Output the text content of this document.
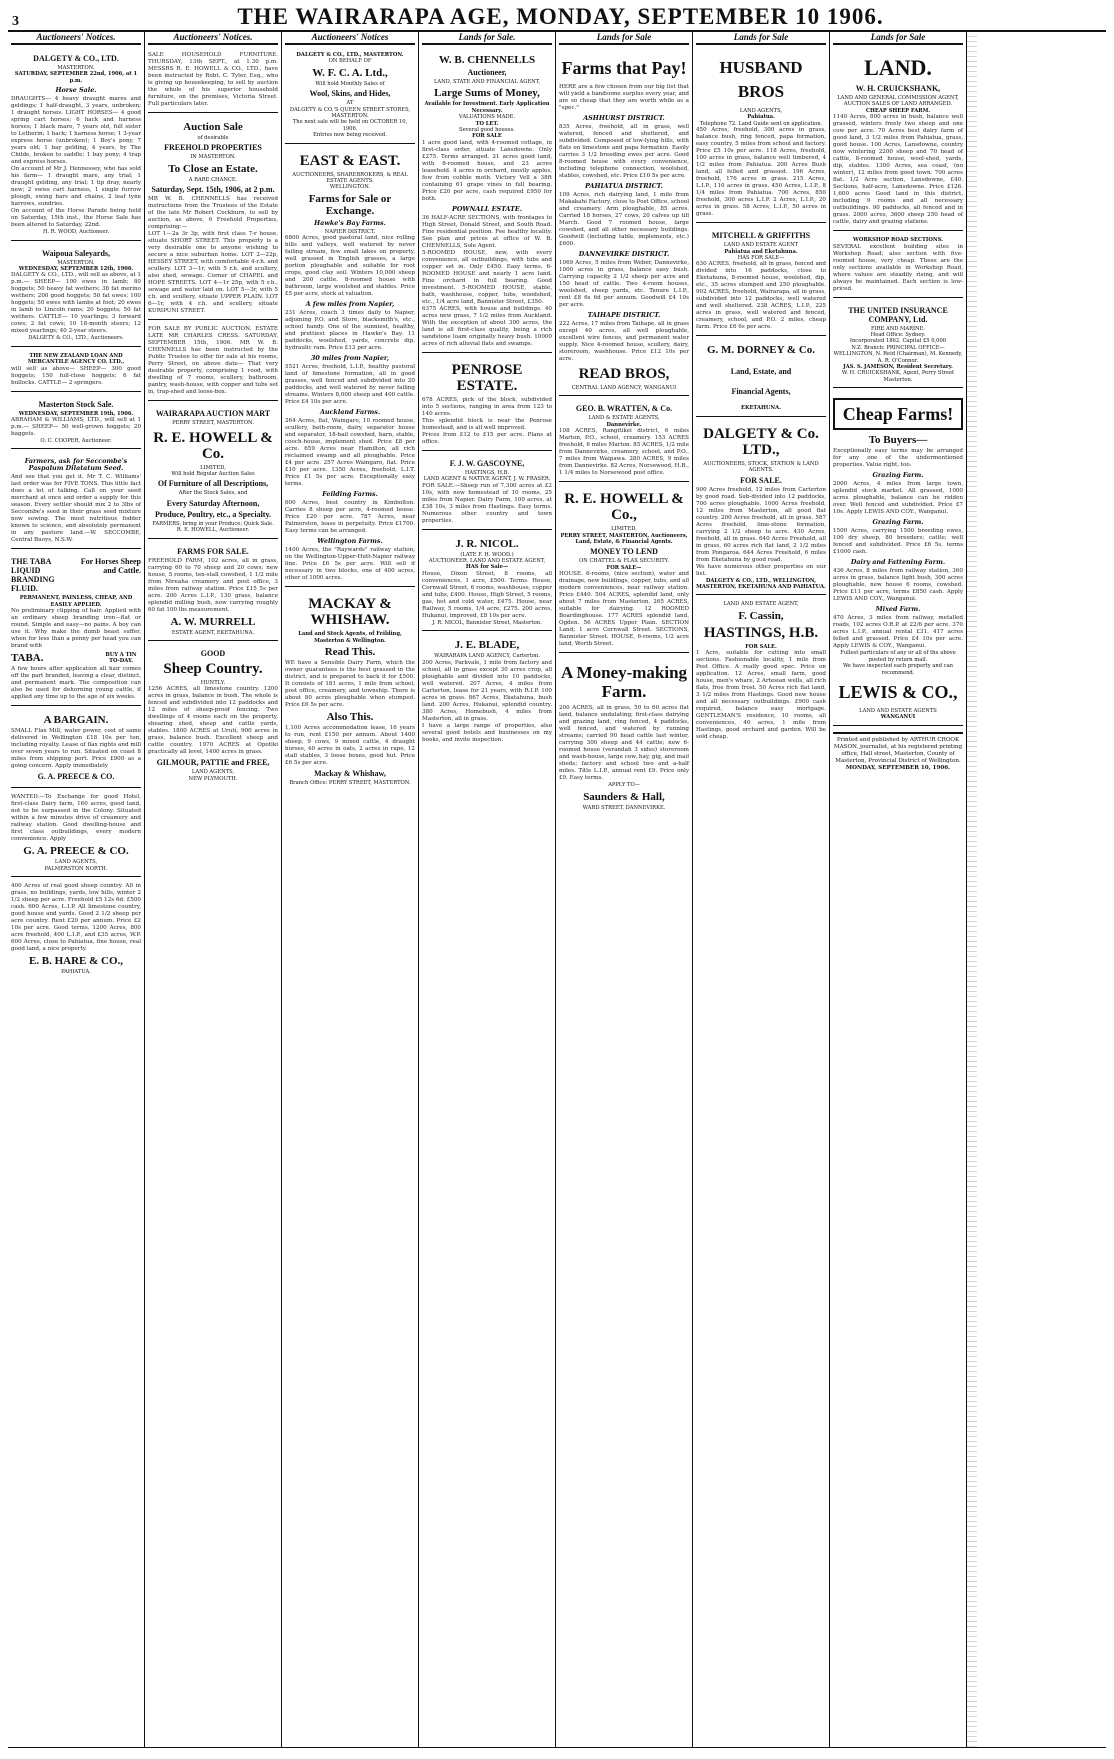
3	THE WAIRARAPA AGE, MONDAY, SEPTEMBER 10 1906.
Auctioneers' Notices.
DALGETY & CO., LTD.
MASTERTON.
SATURDAY, SEPTEMBER 22nd, 1906, at 1 p.m.
Horse Sale.
DRAUGHTS— 4 heavy draught mares and geldings; 1 half-draught, 3 years, unbroken; 1 draught horses. LIGHT HORSES— 4 good spring cart horses; 6 hack and harness horses; 1 black mare, 7 years old, full sister to Letherin; 1 hack; 1 harness horse; 1 3-year express horse (unbroken); 1 Boy's pony, 7 years old; 1 bay gelding, 4 years, by The Childe, broken to saddle; 1 bay pony; 4 trap and express horses.
On account of Mr J. Hennessey, who has sold his farm— 1 draught mare, any trial; 1 draught gelding, any trial; 1 tip dray, nearly new; 2 swiss cart harness, 1 single furrow plough, swing bars and chains, 2 leaf tyne harrows, sundries.
On account of the Horse Parade being held on Saturday, 15th inst., the Horse Sale has been altered to Saturday, 22nd.
H. R. WOOD, Auctioneer.
Waipoua Saleyards,
MASTERTON.
WEDNESDAY, SEPTEMBER 12th, 1906.
DALGETY & CO., LTD., will sell as above, at 1 p.m.— SHEEP— 100 ewes in lamb; 80 hoggets; 50 heavy fat wethers; 38 fat merino wethers; 200 good hoggets; 50 fat ewes; 100 hoggets; 50 ewes with lambs at foot; 20 ewes in lamb to Lincoln rams; 20 hoggets; 50 fat wethers. CATTLE— 10 yearlings; 3 forward cows; 2 fat cows; 10 18-month steers; 12 mixed yearlings; 40 2-year steers.
DALGETY & CO., LTD., Auctioneers.
THE NEW ZEALAND LOAN AND MERCANTILE AGENCY CO. LTD.,
will sell as above— SHEEP— 300 good hoggets; 150 full-close hoggets; 6 fat bullocks. CATTLE— 2 springers.
Masterton Stock Sale.
WEDNESDAY, SEPTEMBER 19th, 1906.
ABRAHAM & WILLIAMS, LTD., will sell at 1 p.m.— SHEEP— 50 well-grown hoggets; 20 baggets.
O. C. COOPER, Auctioneer.
Farmers, ask for Seccombe's Paspalum Dilatatum Seed.
And see that you get it. Mr T. C. Williams' last order was for FIVE TONS. This little fact does a lot of talking. Call on your seed merchant at once and order a supply for this season. Every settler should mix 2 to 3lbs of Seccombe's seed in their grass seed mixture now sowing. The most nutritious fodder known to science, and absolutely permanent in any pasture land.—W. SECCOMBE, Central Buoys, N.S.W.
THE TABA LIQUID BRANDING FLUID.
For Horses Sheep and Cattle.
PERMANENT, PAINLESS, CHEAP, AND EASILY APPLIED.
No preliminary clipping of hair. Applied with an ordinary sheep branding iron—flat or round. Simple and easy—no pains. A boy can use it. Why make the dumb beast suffer, when for less than a penny per head you can brand with
TABA.	BUY A TIN TO-DAY.
A few hours after application all hair comes off the part branded, leaving a clear, distinct, and permanent mark. The composition can also be used for dehorning young cattle, if applied any time up to the age of six weeks.
A BARGAIN.
SMALL Flax Mill, water power, cost of same delivered in Wellington £18 10s per ton, including royalty. Lease of flax rights and mill over seven years to run. Situated on coast 8 miles from shipping port. Price £900 as a going concern. Apply immediately
G. A. PREECE & CO.
WANTED.—To Exchange for good Hotel, first-class Dairy farm, 160 acres, good land, not to be surpassed in the Colony. Situated within a few minutes drive of creamery and railway station. Good dwelling-house and first class outbuildings, every modern convenience. Apply
G. A. PREECE & CO.
LAND AGENTS,
PALMERSTON NORTH.
400 Acres of real good sheep country. All in grass, no buildings, yards, low hills, winter 2 1/2 sheep per acre. Freehold £5 12s 6d. £500 cash. 600 Acres, L.I.P. All limestone country, good house and yards. Good 2 1/2 sheep per acre country. Rent £20 per annum. Price £2 10s per acre. Good terms. 1200 Acres, 800 acre freehold, 400 L.I.P., and £35 acres, W.P. 600 Acres, close to Pahiatua, fine house, real good land, a nice property.
E. B. HARE & CO.,
PAHIATUA.
Auctioneers' Notices.
SALE HOUSEHOLD FURNITURE. THURSDAY, 13th SEPT., at 1.30 p.m. MESSRS R. E. HOWELL & CO., LTD., have been instructed by Robt. C. Tyler, Esq., who is giving up housekeeping, to sell by auction the whole of his superior household furniture, on the premises, Victoria Street. Full particulars later.
Auction Sale
of desirable
FREEHOLD PROPERTIES
IN MASTERTON.
To Close an Estate.
A RARE CHANCE.
Saturday, Sept. 15th, 1906, at 2 p.m.
MR W. B. CHENNELLS has received instructions from the Trustees of the Estate of the late Mr Robert Cockburn, to sell by auction, as above, 6 Freehold Properties, comprising:—
LOT 1—2a 3r 3p, with first class 7-r house, situate SHORT STREET. This property is a very desirable one to anyone wishing to secure a nice suburban home. LOT 2—22p, HESSEY STREET, with comfortable 4-r.h. and scullery. LOT 3—1r, with 5 r.h. and scullery, also shed, sewage. Corner of CHAPEL and HOPE STREETS. LOT 4—1r 25p, with 5 r.h., sewage and water laid on. LOT 5—3r, with 5 r.h. and scullery, situate UPPER PLAIN. LOT 6—1r, with 4 r.h. and scullery, situate KURIPUNI STREET.
FOR SALE BY PUBLIC AUCTION. ESTATE LATE MR CHARLES CRESS. SATURDAY, SEPTEMBER 15th, 1906. MR W. B. CHENNELLS has been instructed by the Public Trustee to offer for sale at his rooms, Perry Street, on above date— That very desirable property, comprising 1 rood, with dwelling of 7 rooms, scullery, bathroom, pantry, wash-house, with copper and tubs set in, trap-shed and loose-box.
WAIRARAPA AUCTION MART
PERRY STREET, MASTERTON.
R. E. HOWELL & Co.
LIMITED,
Will hold Regular Auction Sales
Of Furniture of all Descriptions,
After the Stock Sales, and
Every Saturday Afternoon,
Produce, Poultry, etc., a Specialty.
FARMERS, bring in your Produce; Quick Sale.
R. E. HOWELL, Auctioneer.
FARMS FOR SALE.
FREEHOLD FARM, 102 acres, all in grass, carrying 60 to 70 sheep and 20 cows; new house, 5 rooms, ten-stall cowshed, 1 1/2 mile from Nireaha creamery and post office, 3 miles from railway station. Price £15 5s per acre. 200 Acres L.I.P., 130 grass, balance splendid milling bush, now carrying roughly 60 fat 100 lbs measurement.
A. W. MURRELL
ESTATE AGENT, EKETAHUNA.
GOOD
Sheep Country.
HUNTLY.
1256 ACRES, all limestone country. 1200 acres in grass, balance in bush. The whole is fenced and subdivided into 12 paddocks and 12 miles of sheep-proof fencing. Two dwellings of 4 rooms each on the property, shearing shed, sheep and cattle yards, stables. 1800 ACRES at Urutí, 900 acres in grass, balance bush. Excellent sheep and cattle country. 1970 ACRES at Opotiki practically all level, 1400 acres in grass.
GILMOUR, PATTIE and FREE,
LAND AGENTS,
NEW PLYMOUTH.
Auctioneers' Notices
DALGETY & CO., LTD., MASTERTON.
ON BEHALF OF
W. F. C. A. Ltd.,
Will hold Monthly Sales of
Wool, Skins, and Hides,
AT
DALGETY & CO.'S QUEEN STREET STORES, MASTERTON.
The next sale will be held on OCTOBER 10, 1906.
Entries now being received.
EAST & EAST.
AUCTIONEERS, SHAREBROKERS, & REAL ESTATE AGENTS.
WELLINGTON.
Farms for Sale or Exchange.
Hawke's Bay Farms.
NAPIER DISTRICT.
6800 Acres, good pastoral land, nice rolling hills and valleys, well watered by never failing stream, few small lakes on property, well grassed in English grasses, a large portion ploughable and suitable for root crops, good clay soil. Winters 10,000 sheep and 200 cattle. 8-roomed house with bathroom, large woolshed and stables. Price £5 per acre, stock at valuation.
A few miles from Napier,
231 Acres, coach 3 times daily to Napier, adjoining P.O. and Store, blacksmith's, etc., school handy. One of the sunniest, healthy, and prettiest places in Hawke's Bay. 11 paddocks, woolshed, yards, concrete dip, hydraulic ram. Price £13 per acre.
30 miles from Napier,
5521 Acres, freehold, L.I.P., healthy pastoral land of limestone formation, all in good grasses, well fenced and subdivided into 20 paddocks, and well watered by never failing streams. Winters 8,000 sheep and 400 cattle. Price £4 10s per acre.
Auckland Farms.
264 Acres, flat, Waingaro, 10 roomed house, scullery, bath-room, dairy, separator house and separator, 18-bail cowshed, barn, stable, cooch-house, implement shed. Price £8 per acre. 659 Acres near Hamilton, all rich reclaimed swamp and all ploughable. Price £4 per acre. 257 Acres Waingaro, flat. Price £10 per acre. 1350 Acres, freehold, L.I.T. Price £1 5s per acre. Exceptionally easy terms.
Feilding Farms.
600 Acres, best country in Kimbolton. Carries 8 sheep per acre, 4-roomed house. Price £20 per acre. 787 Acres, near Palmerston, lease in perpetuity. Price £1700. Easy terms can be arranged.
Wellington Farms.
1400 Acres, the "Raywards" railway station, on the Wellington-Upper-Hutt-Napier railway line. Price £6 5s per acre. Will sell if necessary in two blocks, one of 400 acres, other of 1000 acres.
MACKAY & WHISHAW.
Land and Stock Agents, of Feilding, Masterton & Wellington.
Read This.
WE have a Sensible Dairy Farm, which the owner guarantees is the best grassed in the district, and is prepared to back it for £500. It consists of 181 acres, 1 mile from school, post office, creamery, and township. There is about 80 acres ploughable when stumped. Price £6 5s per acre.
Also This.
1,100 Acres accommodation lease, 16 years to run, rent £150 per annum. About 1400 sheep, 9 cows, 9 mixed cattle, 4 draught horses, 40 acres in oats, 2 acres in rape, 12 stall stables, 3 loose boxes, good hut. Price £6 5s per acre.
Mackay & Whishaw,
Branch Office: PERRY STREET, MASTERTON.
Lands for Sale.
W. B. CHENNELLS
Auctioneer,
LAND, STATE AND FINANCIAL AGENT,
Large Sums of Money,
Available for Investment. Early Application Necessary.
VALUATIONS MADE.
TO LET.
Several good houses.
FOR SALE
1 acre good land, with 4-roomed cottage, in first-class order, situate Lansdowne. Only £275. Terms arranged. 21 acres good land, with 8-roomed house, and 23 acres leasehold. 4 acres in orchard, mostly apples, few from cobble moth. Victory Vell a 38ft containing 61 grape vines in full bearing. Price £20 per acre, cash required £950 for both.
POWNALL ESTATE.
36 HALF-ACRE SECTIONS, with frontages to High Street, Donald Street, and South Road. Fine residential position. Fee healthy locality. See plan and prices at office of W. B. CHENNELLS, Sole Agent.
5-ROOMED HOUSE, new, with every convenience, all outbuildings, with tubs and copper set in. Only £450. Easy terms. 6-ROOMED HOUSE and nearly 1 acre land. Fine orchard in full bearing. Good investment. 5-ROOMED HOUSE, stable, bath, washhouse, copper, tubs, woodshed, etc., 1/4 acre land, Bannister Street, £350.
6375 ACRES, with house and buildings. 40 acres new grass, 7 1/2 miles from Auckland. With the exception of about 300 acres, the land is all first-class quality, being a rich sandstone loam originally heavy bush. 10000 acres of rich alluvial flats and swamps.
PENROSE ESTATE.
678 ACRES, pick of the block, subdivided into 5 sections, ranging in area from 123 to 140 acres.
This splendid block is near the Penrose homestead, and is all well improved.
Prices from £12 to £15 per acre. Plans at office.
F. J. W. GASCOYNE,
HASTINGS, H.B.
LAND AGENT & NATIVE AGENT, J. W. FRASER.
FOR SALE.—Sheep run of 7,300 acres at £2 10s, with new homestead of 10 rooms, 25 miles from Napier. Dairy Farm, 100 acres, at £38 10s, 3 miles from Hastings. Easy terms. Numerous other country and town properties.
J. R. NICOL.
(LATE F. H. WOOD.)
AUCTIONEER, LAND AND ESTATE AGENT,
HAS for Sale—
House, Dixon Street, 8 rooms, all conveniences, 1 acre, £500. Terms. House, Cornwall Street, 6 rooms, washhouse, copper and tubs, £400. House, High Street, 5 rooms, gas, hot and cold water, £475. House, near Railway, 5 rooms, 1/4 acre, £275. 200 acres, Hukanui, improved, £8 10s per acre.
J. R. NICOL, Bannister Street, Masterton.
J. E. BLADE,
WAIRARAPA LAND AGENCY, Carterton.
200 Acres, Parkvale, 1 mile from factory and school, all in grass except 30 acres crop, all ploughable and divided into 10 paddocks, well watered. 207 Acres, 4 miles from Carterton, lease for 21 years, with R.I.P. 100 acres in grass. 867 Acres, Ekatahuna, bush land. 200 Acres, Hukanui, splendid country. 380 Acres, Homebush, 4 miles from Masterton, all in grass.
I have a large range of properties, also several good hotels and businesses on my books, and invite inspection.
Lands for Sale
Farms that Pay!
HERE are a few chosen from our big list that will yield a handsome surplus every year, and are so cheap that they are worth while as a "spec."
ASHHURST DISTRICT.
835 Acres, freehold, all in grass, well watered, fenced and sheltered, and subdivided. Composed of low-lying hills, with flats on limestone and papa formation. Easily carries 3 1/2 breeding ewes per acre. Good 8-roomed house with every convenience, including telephone connection, woolshed, stables, cowshed, etc. Price £10 5s per acre.
PAHIATUA DISTRICT.
109 Acres, rich dairying land, 1 mile from Makakahi Factory, close to Post Office, school and creamery. Arm ploughable, 85 acres. Carried 18 horses, 27 cows, 20 calves up till March. Good 7 roomed house, large cowshed, and all other necessary buildings. Goodwill (including table, implements, etc.) £600.
DANNEVIRKE DISTRICT.
1069 Acres, 5 miles from Weber, Dannevirke, 1000 acres in grass, balance easy bush. Carrying capacity 2 1/2 sheep per acre and 150 head of cattle. Two 4-room houses, woolshed, sheep yards, etc. Tenure L.I.P., rent £8 6s 6d per annum. Goodwill £4 10s per acre.
TAIHAPE DISTRICT.
222 Acres, 17 miles from Taihape, all in grass except 40 acres, all well ploughable, excellent wire fences, and permanent water supply. Nice 4-roomed house, scullery, dairy, storeroom, washhouse. Price £12 10s per acre.
READ BROS,
CENTRAL LAND AGENCY, WANGANUI
GEO. B. WRATTEN, & Co.
LAND & ESTATE AGENTS,
Dannevirke.
108 ACRES, Rangitikei district, 6 miles Marton, P.O., school, creamery. 153 ACRES freehold, 6 miles Marton. 85 ACRES, 1/2 mile from Dannevirke, creamery, school, and P.O., 7 miles from Waipawa. 280 ACRES, 9 miles from Dannevirke. 82 Acres, Norsewood, H.B., 1 1/4 miles to Norsewood post office.
R. E. HOWELL & Co.,
LIMITED,
PERRY STREET, MASTERTON, Auctioneers, Land, Estate, & Financial Agents.
MONEY TO LEND
ON CHATTEL & FLAX SECURITY.
FOR SALE—
HOUSE. 6-rooms, (nice section), water and drainage, new buildings, copper, tubs, and all modern conveniences, near railway station. Price £440. 504 ACRES, splendid land, only about 7 miles from Masterton. 265 ACRES, suitable for dairying. 12 ROOMED Boardinghouse. 177 ACRES splendid land, Ogden. 56 ACRES Upper Plain. SECTION Land; 1 acre Cornwall Street. SECTIONS, Bannister Street. HOUSE, 6-rooms, 1/2 acre land, Worth Street.
A Money-making Farm.
200 ACRES, all in grass, 50 to 60 acres flat land, balance undulating; first-class dairying and grazing land, ring fenced, 4 paddocks, well fenced, and watered by running streams; carried 90 head cattle last winter, carrying 300 sheep and 44 cattle; new 6-roomed house (verandah 3 sides) storeroom and wash-house, large cow, hay, gig, and mail sheds; factory and school two and a-half miles. Title L.I.P., annual rent £9. Price only £9. Easy terms.
APPLY TO—
Saunders & Hall,
WARD STREET, DANNEVIRKE.
Lands for Sale
HUSBAND BROS
LAND AGENTS,
Pahiatua.
Telephone 72. Land Guide sent on application.
450 Acres, freehold, 300 acres in grass, balance bush, ring fenced, papa formation, easy country, 5 miles from school and factory. Price £5 10s per acre. 118 Acres, freehold, 100 acres in grass, balance well timbered, 4 1/2 miles from Pahiatua. 200 Acres Bush land, all felled and grassed. 196 Acres, freehold, 176 acres in grass. 215 Acres, L.I.P., 110 acres in grass. 450 Acres, L.I.P., 8 1/4 miles from Pahiatua. 700 Acres, 850 freehold, 300 acres L.I.P. 2 Acres, L.I.P., 20 acres in grass. 58 Acres, L.I.P., 50 acres in grass.
MITCHELL & GRIFFITHS
LAND AND ESTATE AGENT
Pahiatua and Eketahuna.
HAS FOR SALE—
630 ACRES, freehold, all in grass, fenced and divided into 16 paddocks, close to Eketahuna, 8-roomed house, woolshed, dip, etc., 35 acres stumped and 250 ploughable. 902 ACRES, freehold, Wairarapa, all in grass, subdivided into 12 paddocks, well watered and well sheltered. 238 ACRES, L.I.P., 225 acres in grass, well watered and fenced, creamery, school, and P.O. 2 miles, cheap farm. Price £6 6s per acre.
G. M. DORNEY & Co.
Land, Estate, and
Financial Agents,
EKETAHUNA.
DALGETY & Co. LTD.,
AUCTIONEERS, STOCK, STATION & LAND AGENTS.
FOR SALE.
900 Acres freehold, 12 miles from Carterton by good road. Sub-divided into 12 paddocks, 700 acres ploughable. 1000 Acres freehold, 12 miles from Masterton, all good flat country. 200 Acres freehold, all in grass. 587 Acres freehold, lime-stone formation, carrying 2 1/2 sheep to acre. 430 Acres, freehold, all in grass. 640 Acres Freehold, all in grass, 60 acres rich flat land, 2 1/2 miles from Pongaroa. 644 Acres Freehold, 6 miles from Eketahuna by good road.
We have numerous other properties on our list.
DALGETY & CO., LTD., WELLINGTON, MASTERTON, EKETAHUNA AND PAHIATUA.
LAND AND ESTATE AGENT,
F. Cassin,
HASTINGS, H.B.
FOR SALE.
1 Acre, suitable for cutting into small sections. Fashionable locality, 1 mile from Post Office. A really good spec. Price on application. 12 Acres, small farm, good house, men's whare, 2 Artesian wells, all rich flats, free from frost. 50 Acres rich flat land, 3 1/2 miles from Hastings. Good new house and all necessary outbuildings. £900 cash required, balance easy mortgage. GENTLEMAN'S residence, 10 rooms, all conveniences, 40 acres, 1 mile from Hastings, good orchard and garden. Will be sold cheap.
Lands for Sale
LAND.
W. H. CRUICKSHANK,
LAND AND GENERAL COMMISSION AGENT,
AUCTION SALES OF LAND ARRANGED.
CHEAP SHEEP FARM.
1140 Acres, 800 acres in bush, balance well grassed, winters freely two sheep and one cow per acre. 70 Acres best dairy farm of good land, 3 1/2 miles from Pahiatua, grass, good house. 100 Acres, Lansdowne, country now wintering 2200 sheep and 70 head of cattle, 8-roomed house, wool-shed, yards, dip, stables. 1300 Acres, sea coast, (no winter), 12 miles from good town. 700 acres flat. 1/2 Acre section, Lansdowne, £40. Sections, half-acre, Lansdowne. Price £126. 1,600 acres Good land in this district, including 9 rooms and all necessary outbuildings. 90 paddocks, all fenced and in grass. 2000 acres, 3600 sheep 250 head of cattle, dairy and grazing stations.
WORKSHOP ROAD SECTIONS.
SEVERAL excellent building sites in Workshop Road; also section with five-roomed house, very cheap. These are the only sections available in Workshop Road, where values are steadily rising, and will always be maintained. Each section is low-priced.
THE UNITED INSURANCE COMPANY, Ltd.
FIRE AND MARINE.
Head Office: Sydney.
Incorporated 1862. Capital £5 0,000
N.Z. Branch: PRINCIPAL OFFICE—WELLINGTON, N. Reid (Chairman), M. Kennedy, A. R. O'Connor.
JAS. S. JAMESON, Resident Secretary.
W. H. CRUICKSHANK, Agent, Perry Street Masterton.
Cheap Farms!
To Buyers—
Exceptionally easy terms may be arranged for any one of the undermentioned properties. Value right, too.
Grazing Farm.
2000 Acres, 4 miles from large town, splendid stock market. All grassed, 1000 acres ploughable, balance can be ridden over. Well fenced and subdivided. Price £7 10s. Apply LEWIS AND COY., Wanganui.
Grazing Farm.
1500 Acres, carrying 1500 breeding ewes, 100 dry sheep, 80 breeders; cattle; well fenced and subdivided. Price £6 5s, terms £1000 cash.
Dairy and Fattening Farm.
436 Acres, 8 miles from railway station, 360 acres in grass, balance light bush, 300 acres ploughable, new house 6 rooms, cowshed. Price £11 per acre, terms £850 cash. Apply LEWIS AND COY., Wanganui.
Mixed Farm.
470 Acres, 3 miles from railway, metalled roads, 102 acres O.R.P. at 22/6 per acre. 370 acres L.I.P., annual rental £31. 417 acres felled and grassed. Price £4 10s per acre. Apply LEWIS & COY., Wanganui.
Fullest particulars of any or all of the above posted by return mail.
We have inspected each property and can recommend.
LEWIS & CO.,
LAND AND ESTATE AGENTS
WANGANUI
Printed and published by ARTHUR CROOK MASON, journalist, at his registered printing office, Hall street, Masterton, County of Masterton, Provincial District of Wellington.
MONDAY, SEPTEMBER 10, 1906.
